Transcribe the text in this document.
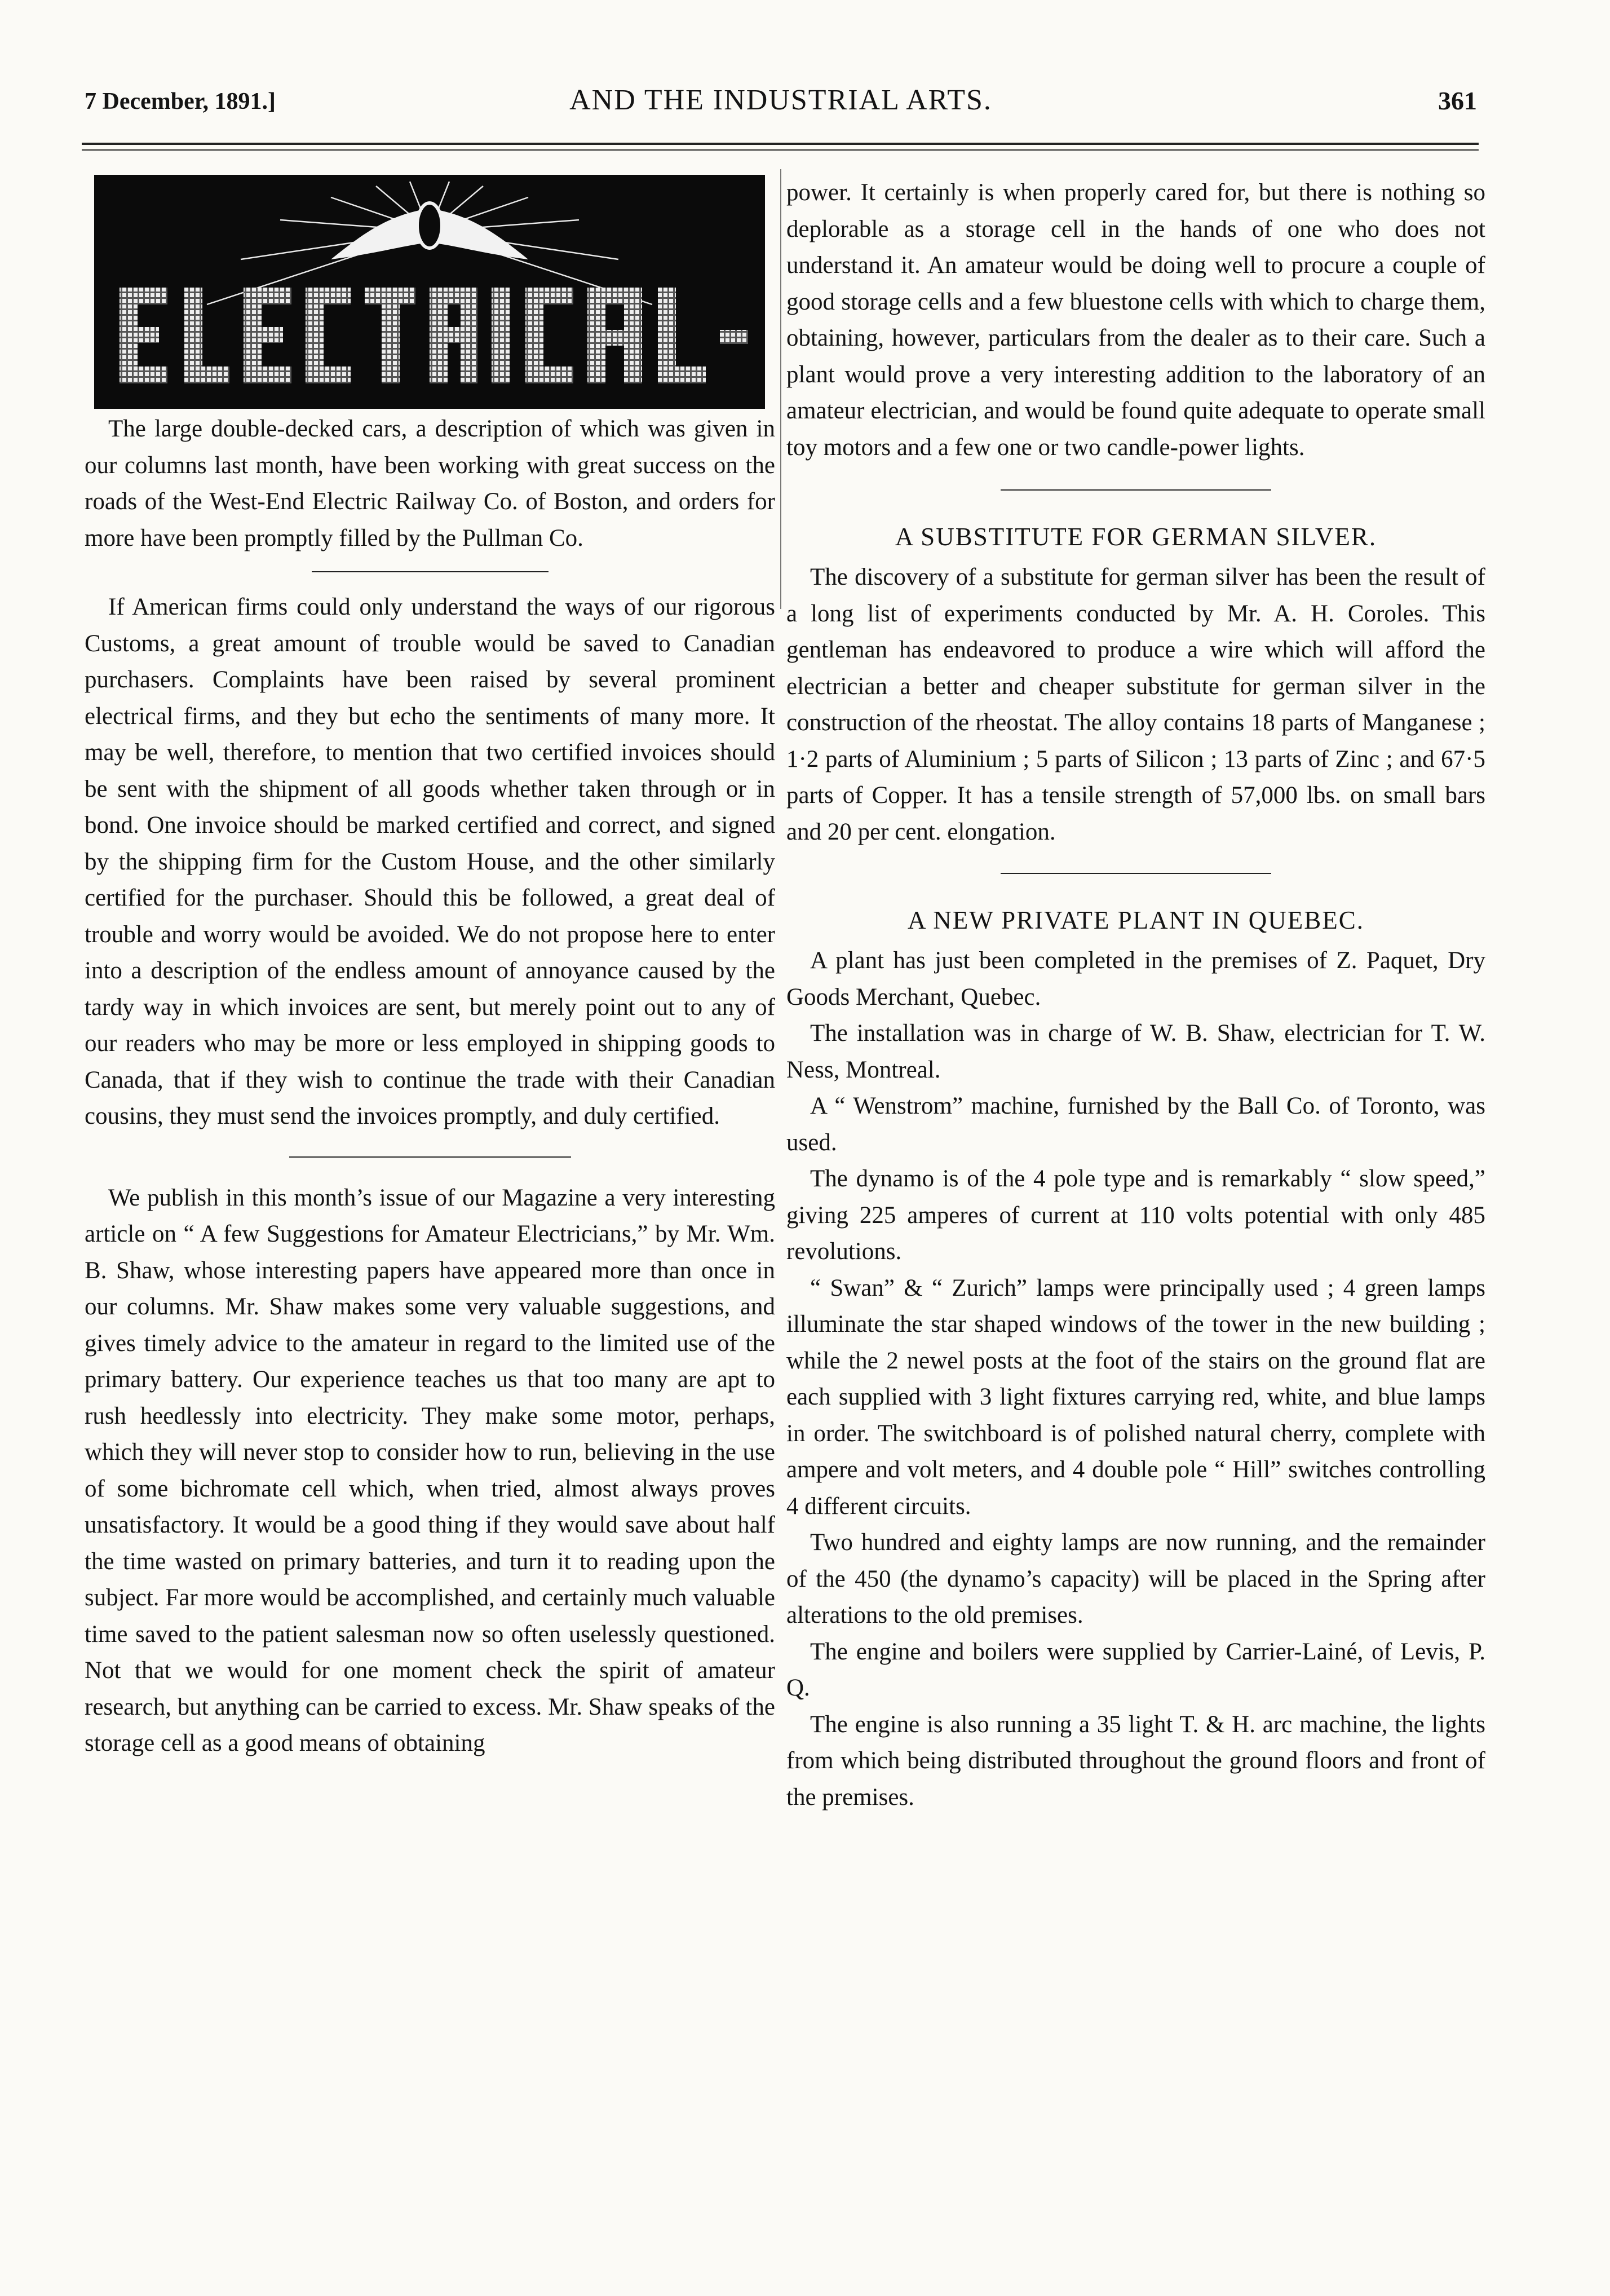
7 December, 1891.]	AND THE INDUSTRIAL ARTS.	361

The large double-decked cars, a description of which was given in our columns last month, have been working with great success on the roads of the West-End Electric Railway Co. of Boston, and orders for more have been promptly filled by the Pullman Co.

If American firms could only understand the ways of our rigorous Customs, a great amount of trouble would be saved to Canadian purchasers. Complaints have been raised by several prominent electrical firms, and they but echo the sentiments of many more. It may be well, therefore, to mention that two certified invoices should be sent with the shipment of all goods whether taken through or in bond. One invoice should be marked certified and correct, and signed by the shipping firm for the Custom House, and the other similarly certified for the purchaser. Should this be followed, a great deal of trouble and worry would be avoided. We do not propose here to enter into a description of the endless amount of annoyance caused by the tardy way in which invoices are sent, but merely point out to any of our readers who may be more or less employed in shipping goods to Canada, that if they wish to continue the trade with their Canadian cousins, they must send the invoices promptly, and duly certified.

We publish in this month’s issue of our Magazine a very interesting article on “ A few Suggestions for Amateur Electricians,” by Mr. Wm. B. Shaw, whose interesting papers have appeared more than once in our columns. Mr. Shaw makes some very valuable suggestions, and gives timely advice to the amateur in regard to the limited use of the primary battery. Our experience teaches us that too many are apt to rush heedlessly into electricity. They make some motor, perhaps, which they will never stop to consider how to run, believing in the use of some bichromate cell which, when tried, almost always proves unsatisfactory. It would be a good thing if they would save about half the time wasted on primary batteries, and turn it to reading upon the subject. Far more would be accomplished, and certainly much valuable time saved to the patient salesman now so often uselessly questioned. Not that we would for one moment check the spirit of amateur research, but anything can be carried to excess. Mr. Shaw speaks of the storage cell as a good means of obtaining

power. It certainly is when properly cared for, but there is nothing so deplorable as a storage cell in the hands of one who does not understand it. An amateur would be doing well to procure a couple of good storage cells and a few bluestone cells with which to charge them, obtaining, however, particulars from the dealer as to their care. Such a plant would prove a very interesting addition to the laboratory of an amateur electrician, and would be found quite adequate to operate small toy motors and a few one or two candle-power lights.

A SUBSTITUTE FOR GERMAN SILVER.

The discovery of a substitute for german silver has been the result of a long list of experiments conducted by Mr. A. H. Coroles. This gentleman has endeavored to produce a wire which will afford the electrician a better and cheaper substitute for german silver in the construction of the rheostat. The alloy contains 18 parts of Manganese ; 1·2 parts of Aluminium ; 5 parts of Silicon ; 13 parts of Zinc ; and 67·5 parts of Copper. It has a tensile strength of 57,000 lbs. on small bars and 20 per cent. elongation.

A NEW PRIVATE PLANT IN QUEBEC.

A plant has just been completed in the premises of Z. Paquet, Dry Goods Merchant, Quebec.

The installation was in charge of W. B. Shaw, electrician for T. W. Ness, Montreal.

A “ Wenstrom” machine, furnished by the Ball Co. of Toronto, was used.

The dynamo is of the 4 pole type and is remarkably “ slow speed,” giving 225 amperes of current at 110 volts potential with only 485 revolutions.

“ Swan” & “ Zurich” lamps were principally used ; 4 green lamps illuminate the star shaped windows of the tower in the new building ; while the 2 newel posts at the foot of the stairs on the ground flat are each supplied with 3 light fixtures carrying red, white, and blue lamps in order. The switchboard is of polished natural cherry, complete with ampere and volt meters, and 4 double pole “ Hill” switches controlling 4 different circuits.

Two hundred and eighty lamps are now running, and the remainder of the 450 (the dynamo’s capacity) will be placed in the Spring after alterations to the old premises.

The engine and boilers were supplied by Carrier-Lainé, of Levis, P. Q.

The engine is also running a 35 light T. & H. arc machine, the lights from which being distributed throughout the ground floors and front of the premises.
